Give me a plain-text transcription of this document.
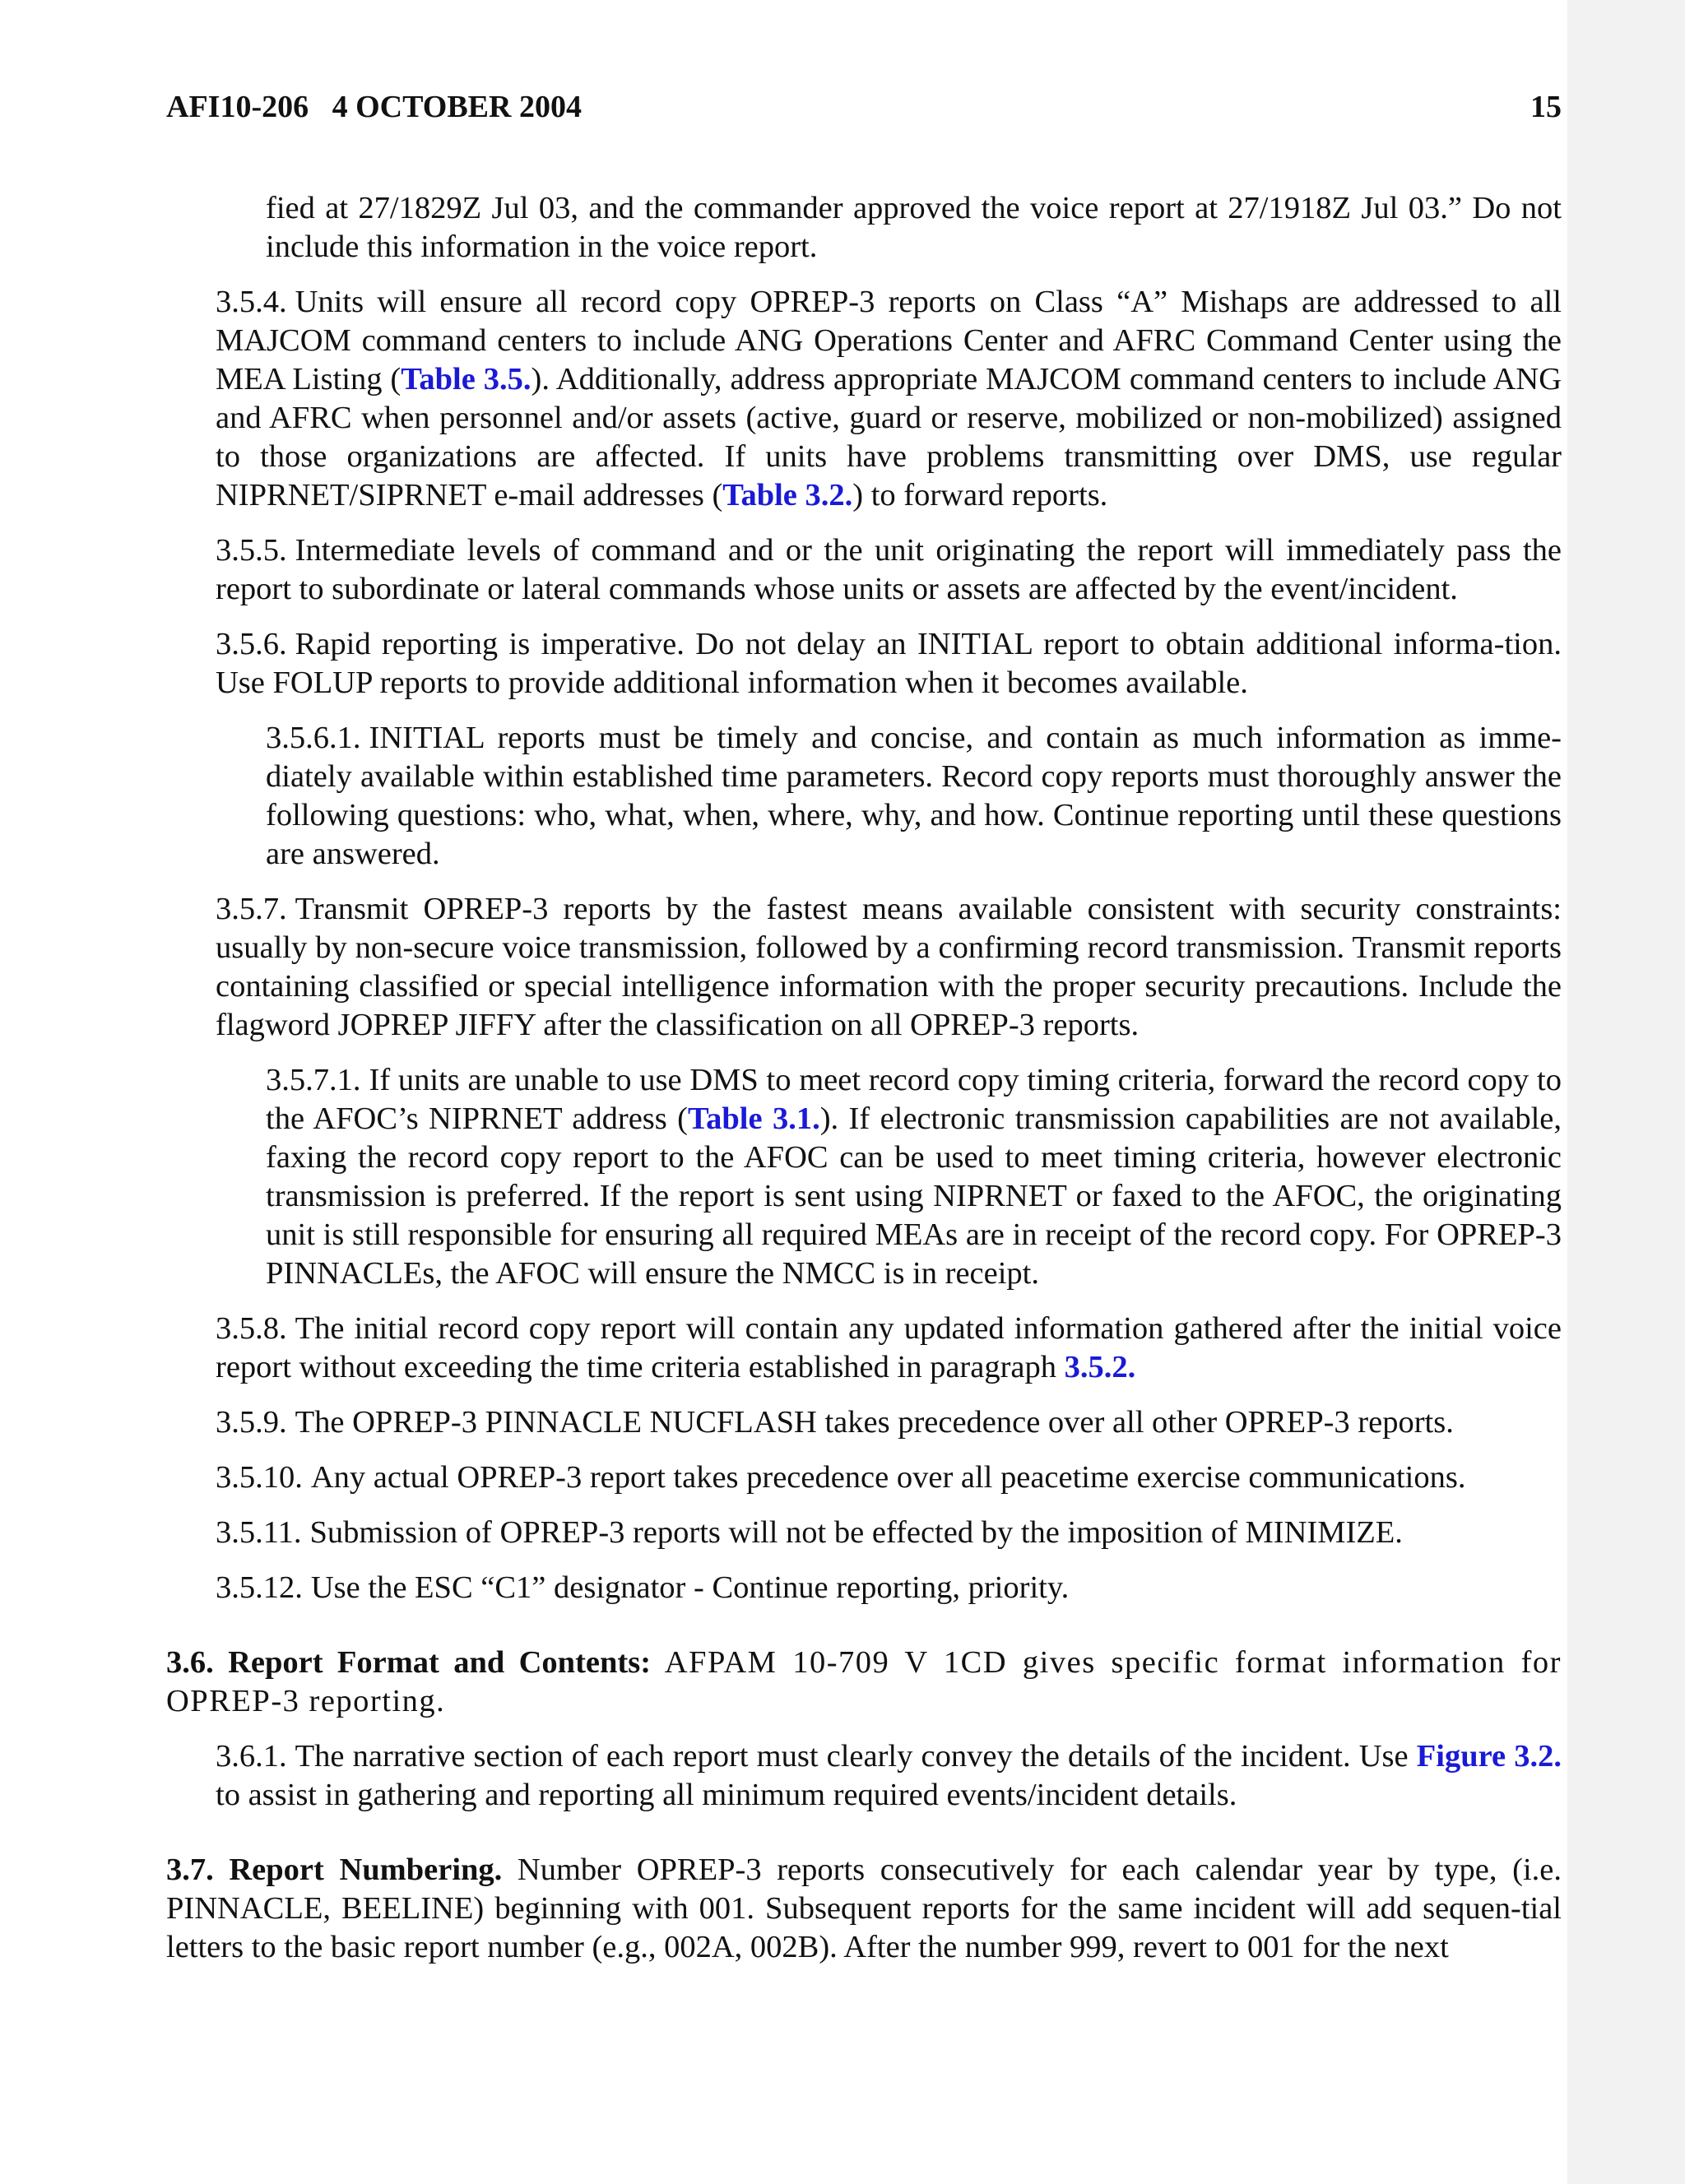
AFI10-206   4 OCTOBER 2004	15

fied at 27/1829Z Jul 03, and the commander approved the voice report at 27/1918Z Jul 03.” Do not include this information in the voice report.

3.5.4. Units will ensure all record copy OPREP-3 reports on Class “A” Mishaps are addressed to all MAJCOM command centers to include ANG Operations Center and AFRC Command Center using the MEA Listing (Table 3.5.). Additionally, address appropriate MAJCOM command centers to include ANG and AFRC when personnel and/or assets (active, guard or reserve, mobilized or non-mobilized) assigned to those organizations are affected. If units have problems transmitting over DMS, use regular NIPRNET/SIPRNET e-mail addresses (Table 3.2.) to forward reports.

3.5.5. Intermediate levels of command and or the unit originating the report will immediately pass the report to subordinate or lateral commands whose units or assets are affected by the event/incident.

3.5.6. Rapid reporting is imperative. Do not delay an INITIAL report to obtain additional informa-tion. Use FOLUP reports to provide additional information when it becomes available.

3.5.6.1. INITIAL reports must be timely and concise, and contain as much information as imme-diately available within established time parameters. Record copy reports must thoroughly answer the following questions: who, what, when, where, why, and how. Continue reporting until these questions are answered.

3.5.7. Transmit OPREP-3 reports by the fastest means available consistent with security constraints: usually by non-secure voice transmission, followed by a confirming record transmission. Transmit reports containing classified or special intelligence information with the proper security precautions. Include the flagword JOPREP JIFFY after the classification on all OPREP-3 reports.

3.5.7.1. If units are unable to use DMS to meet record copy timing criteria, forward the record copy to the AFOC’s NIPRNET address (Table 3.1.). If electronic transmission capabilities are not available, faxing the record copy report to the AFOC can be used to meet timing criteria, however electronic transmission is preferred. If the report is sent using NIPRNET or faxed to the AFOC, the originating unit is still responsible for ensuring all required MEAs are in receipt of the record copy. For OPREP-3 PINNACLEs, the AFOC will ensure the NMCC is in receipt.

3.5.8. The initial record copy report will contain any updated information gathered after the initial voice report without exceeding the time criteria established in paragraph 3.5.2.

3.5.9. The OPREP-3 PINNACLE NUCFLASH takes precedence over all other OPREP-3 reports.

3.5.10. Any actual OPREP-3 report takes precedence over all peacetime exercise communications.

3.5.11. Submission of OPREP-3 reports will not be effected by the imposition of MINIMIZE.

3.5.12. Use the ESC “C1” designator - Continue reporting, priority.

3.6. Report Format and Contents: AFPAM 10-709 V 1CD gives specific format information for OPREP-3 reporting.

3.6.1. The narrative section of each report must clearly convey the details of the incident. Use Figure 3.2. to assist in gathering and reporting all minimum required events/incident details.

3.7. Report Numbering. Number OPREP-3 reports consecutively for each calendar year by type, (i.e. PINNACLE, BEELINE) beginning with 001. Subsequent reports for the same incident will add sequen-tial letters to the basic report number (e.g., 002A, 002B). After the number 999, revert to 001 for the next
